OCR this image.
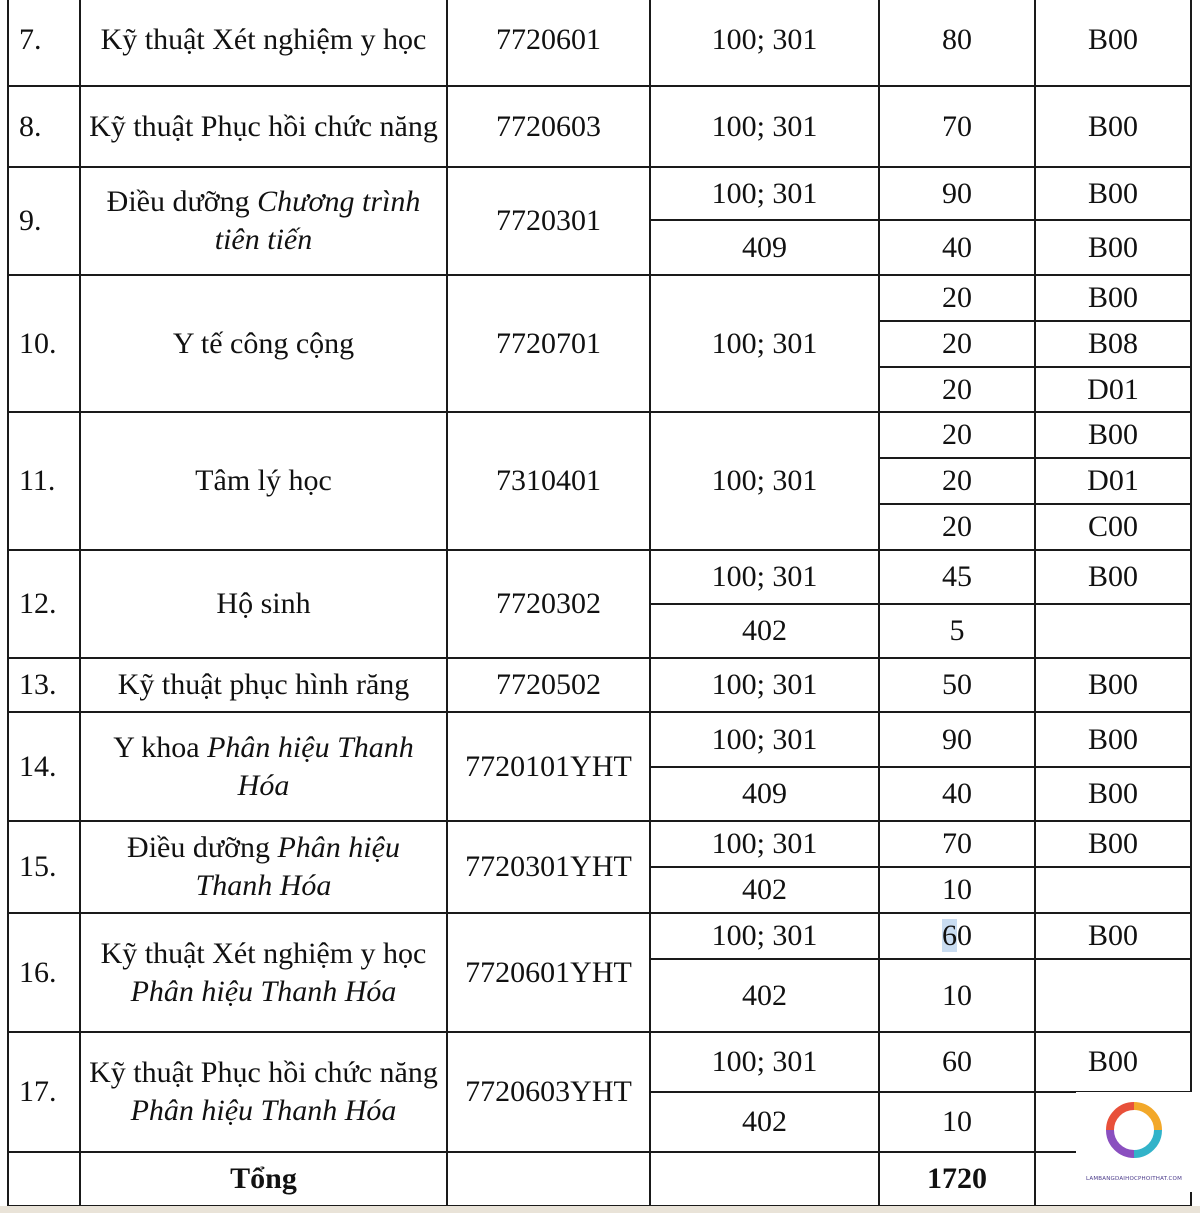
7.	Kỹ thuật Xét nghiệm y học	7720601	100; 301	80	B00
8.	Kỹ thuật Phục hồi chức năng	7720603	100; 301	70	B00
9.	Điều dưỡng Chương trình tiên tiến	7720301	100; 301	90	B00
			409	40	B00
10.	Y tế công cộng	7720701	100; 301	20	B00
				20	B08
				20	D01
11.	Tâm lý học	7310401	100; 301	20	B00
				20	D01
				20	C00
12.	Hộ sinh	7720302	100; 301	45	B00
			402	5	
13.	Kỹ thuật phục hình răng	7720502	100; 301	50	B00
14.	Y khoa Phân hiệu Thanh Hóa	7720101YHT	100; 301	90	B00
			409	40	B00
15.	Điều dưỡng Phân hiệu Thanh Hóa	7720301YHT	100; 301	70	B00
			402	10	
16.	Kỹ thuật Xét nghiệm y học Phân hiệu Thanh Hóa	7720601YHT	100; 301	60	B00
			402	10	
17.	Kỹ thuật Phục hồi chức năng Phân hiệu Thanh Hóa	7720603YHT	100; 301	60	B00
			402	10	
	Tổng			1720		LAMBANGDAIHOCPHOITHAT.COM
